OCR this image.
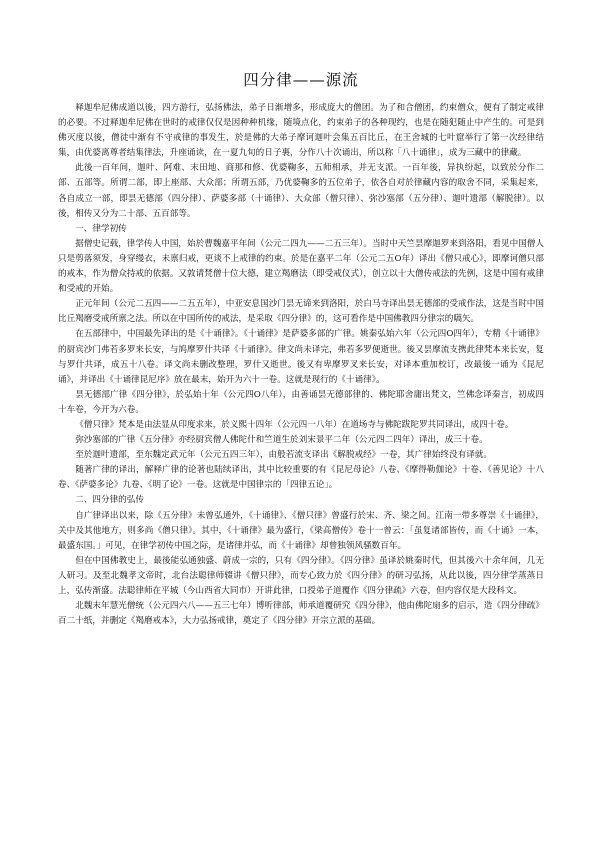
四分律——源流

释迦牟尼佛成道以後，四方游行，弘扬佛法，弟子日渐增多，形成庞大的僧团。为了和合僧团，约束僧众，便有了制定戒律的必要。不过释迦牟尼佛在世时的戒律仅仅是因种种机缘，随境点化，约束弟子的各种现约，也是在随犯随止中产生的。可是到佛灭度以後，僧徒中渐有不守戒律的事发生，於是佛的大弟子摩诃迦叶会集五百比丘，在王舍城的七叶窟举行了第一次经律结集，由优婆离尊者结集律法，升座诵读，在一夏九旬的日子裏，分作八十次诵出，所以称「八十诵律」，成为三藏中的律藏。

此後一百年间，迦叶、阿难、末田地、商那和修、优婆鞠多，五师相承，并无支派。一百年後，异执纷起，以致於分作二部、五部等。所谓二部，即上座部、大众部；所谓五部，乃优婆鞠多的五位弟子，依各自对於律藏内容的取舍不同，采集起来，各自成立一部，即昙无德部（四分律）、萨婆多部（十诵律）、大众部（僧只律）、弥沙塞部（五分律）、迦叶遗部（解脱律）。以後，相传又分为二十部、五百部等。

一、律学初传

据僧史记载，律学传人中国，始於曹魏嘉平年间（公元二四九——二五三年）。当时中天竺昙摩迦罗来到洛阳，看见中国僧人只是剪落须发，身穿缦衣，未禀归戒，更谈不上戒律的约束。於是在嘉平二年（公元二五O年）译出《僧只戒心》，即摩诃僧只部的戒本，作为僧众持戒的依据。又敦请梵僧十位大德，建立羯磨法（即受戒仪式），创立以十大僧传戒法的先例，这是中国有戒律和受戒的开始。

正元年间（公元二五四——二五五年），中亚安息国沙门昙无谛来到洛阳，於白马寺译出昙无德部的受戒作法，这是当时中国比丘羯磨受戒所禀之法。所以在中国所传的戒法，是采取《四分律》的，这可看作是中国佛教四分律宗的嚆矢。

在五部律中，中国最先译出的是《十诵律》。《十诵律》是萨婆多部的广律。姚秦弘始六年（公元四O四年），专精《十诵律》的厨宾沙门弗若多罗来长安，与鸠摩罗什共译《十诵律》。律文尚未译完，弗若多罗便逝世。後又昙摩流支携此律梵本来长安，复与罗什共译，成五十八卷。译文尚未删改整理，罗什又逝世。後又有卑摩罗叉来长安，对译本重加校订，改最後一诵为《昆尼诵》，并译出《十诵律昆尼序》放在最末，始开为六十一卷。这就是现行的《十诵律》。

昙无德部广律《四分律》，於弘始十年（公元四O八年），由善诵昙无德部律的、佛陀耶舍庸出梵文，竺佛念译秦言，初成四十车卷，今开为六卷。

《僧只律》梵本是由法显从印度求来，於义熙十四年（公元四一八年）在道场寺与佛陀跋陀罗共同译出，成四十卷。

弥沙塞部的广律《五分律》亦经厨宾僧人佛陀什和竺道生於刘宋景平二年（公元四二四年）译出，成三十卷。

至於迦叶遗部，至东魏定武元年（公元五四三年），由般若流支译出《解脱戒经》一卷，其广律始终没有译就。

随著广律的译出，解释广律的论著也陆续译出，其中比较重要的有《昆尼母论》八卷、《摩得勒伽论》十卷、《善见论》十八卷、《萨婆多论》九卷、《明了论》一卷。这就是中国律宗的「四律五论」。

二、四分律的弘传

自广律译出以来，除《五分律》未曾弘通外，《十诵律》、《僧只律》曾盛行於宋、齐、梁之间。江南一带多尊崇《十诵律》，关中及其他地方，则多尚《僧只律》。其中，《十诵律》最为盛行，《梁高僧传》卷十一曾云：「虽复诸部皆传，而《十诵》一本，最盛东国。」可见，在律学初传中国之际，是诸律并弘，而《十诵律》却曾独领风骚数百年。

但在中国佛教史上，最後能弘通独盛、蔚成一宗的，只有《四分律》。《四分律》虽译於姚秦时代，但其後六十余年间，几无人研习。及至北魏孝文帝时，北台法聪律师辍讲《僧只律》，而专心致力於《四分律》的研习弘扬，从此以後，四分律学蒸蒸日上，弘传渐盛。法聪律师在平城（今山西省大同市）开讲此律，口授弟子道覆作《四分律疏》六卷，但内容仅是大段科文。

北魏末年慧光僧统（公元四六八——五三七年）博听律部，师承道覆研究《四分律》，他由佛陀扇多的启示，造《四分律疏》百二十纸，并删定《羯磨戒本》，大力弘扬戒律，奠定了《四分律》开宗立派的基础。
